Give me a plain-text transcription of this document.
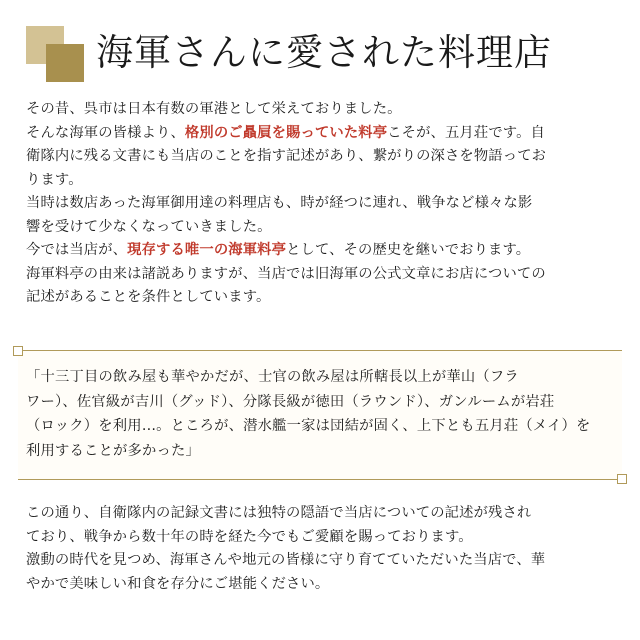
海軍さんに愛された料理店

その昔、呉市は日本有数の軍港として栄えておりました。

そんな海軍の皆様より、格別のご贔屓を賜っていた料亭こそが、五月荘です。自

衛隊内に残る文書にも当店のことを指す記述があり、繋がりの深さを物語ってお

ります。

当時は数店あった海軍御用達の料理店も、時が経つに連れ、戦争など様々な影

響を受けて少なくなっていきました。

今では当店が、現存する唯一の海軍料亭として、その歴史を継いでおります。

海軍料亭の由来は諸説ありますが、当店では旧海軍の公式文章にお店についての

記述があることを条件としています。

「十三丁目の飲み屋も華やかだが、士官の飲み屋は所轄長以上が華山（フラ

ワー）、佐官級が吉川（グッド）、分隊長級が徳田（ラウンド）、ガンルームが岩荘

（ロック）を利用…。ところが、潜水艦一家は団結が固く、上下とも五月荘（メイ）を

利用することが多かった」

この通り、自衛隊内の記録文書には独特の隠語で当店についての記述が残され

ており、戦争から数十年の時を経た今でもご愛顧を賜っております。

激動の時代を見つめ、海軍さんや地元の皆様に守り育てていただいた当店で、華

やかで美味しい和食を存分にご堪能ください。
